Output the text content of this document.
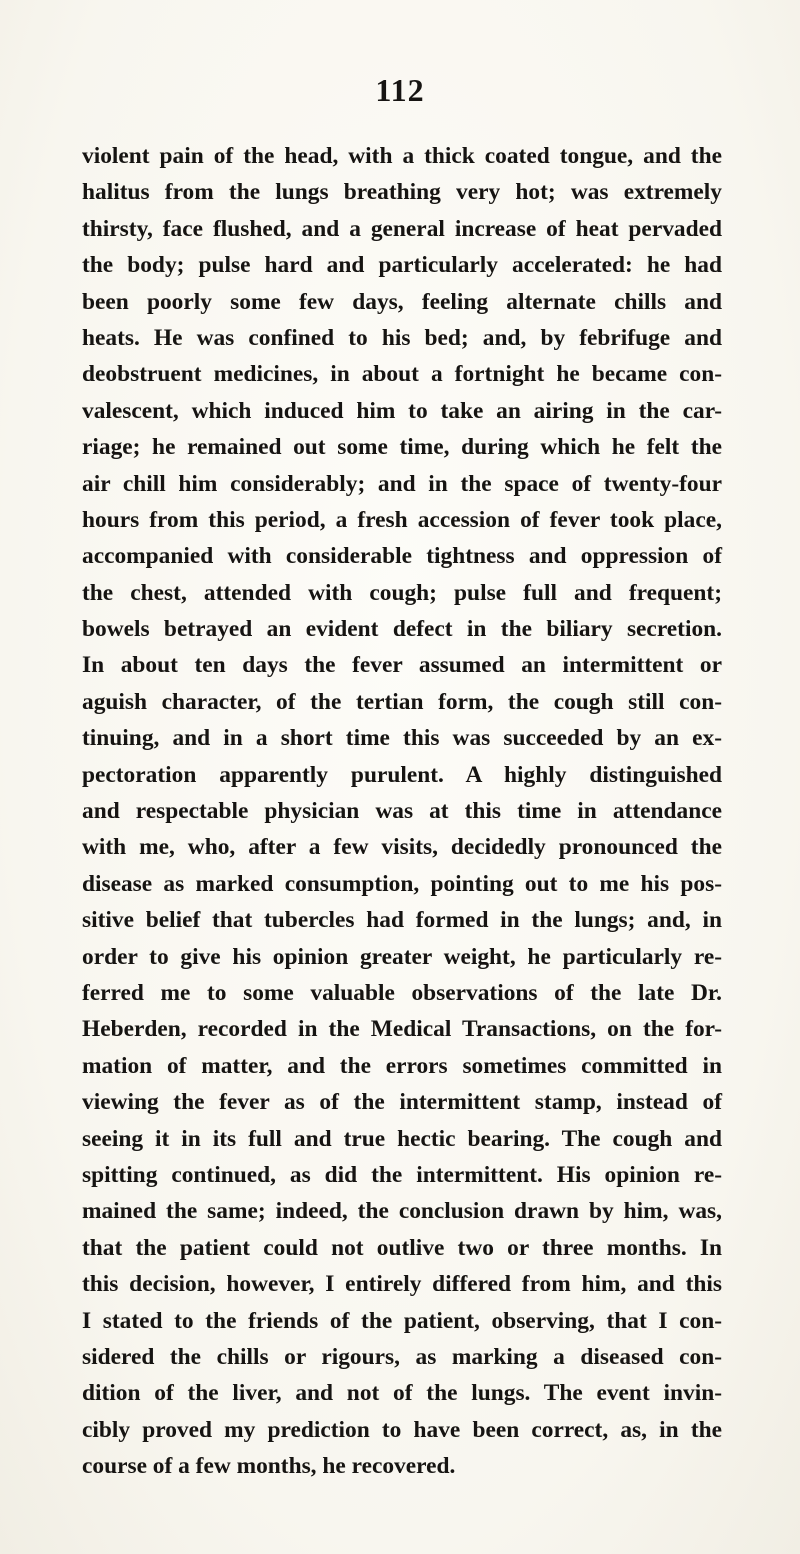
112
violent pain of the head, with a thick coated tongue, and the
halitus from the lungs breathing very hot; was extremely
thirsty, face flushed, and a general increase of heat pervaded
the body; pulse hard and particularly accelerated: he had
been poorly some few days, feeling alternate chills and
heats. He was confined to his bed; and, by febrifuge and
deobstruent medicines, in about a fortnight he became con-
valescent, which induced him to take an airing in the car-
riage; he remained out some time, during which he felt the
air chill him considerably; and in the space of twenty-four
hours from this period, a fresh accession of fever took place,
accompanied with considerable tightness and oppression of
the chest, attended with cough; pulse full and frequent;
bowels betrayed an evident defect in the biliary secretion.
In about ten days the fever assumed an intermittent or
aguish character, of the tertian form, the cough still con-
tinuing, and in a short time this was succeeded by an ex-
pectoration apparently purulent. A highly distinguished
and respectable physician was at this time in attendance
with me, who, after a few visits, decidedly pronounced the
disease as marked consumption, pointing out to me his pos-
sitive belief that tubercles had formed in the lungs; and, in
order to give his opinion greater weight, he particularly re-
ferred me to some valuable observations of the late Dr.
Heberden, recorded in the Medical Transactions, on the for-
mation of matter, and the errors sometimes committed in
viewing the fever as of the intermittent stamp, instead of
seeing it in its full and true hectic bearing. The cough and
spitting continued, as did the intermittent. His opinion re-
mained the same; indeed, the conclusion drawn by him, was,
that the patient could not outlive two or three months. In
this decision, however, I entirely differed from him, and this
I stated to the friends of the patient, observing, that I con-
sidered the chills or rigours, as marking a diseased con-
dition of the liver, and not of the lungs. The event invin-
cibly proved my prediction to have been correct, as, in the
course of a few months, he recovered.
